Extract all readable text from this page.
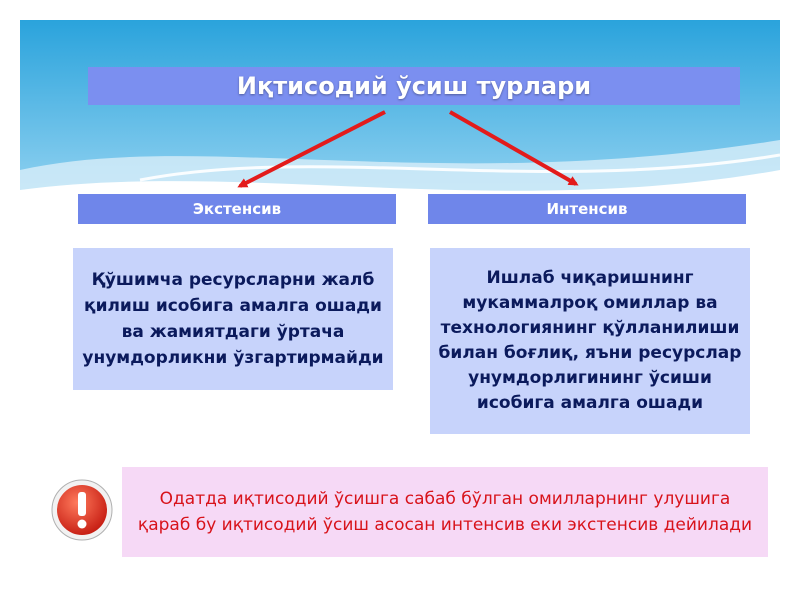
Иқтисодий ўсиш турлари
Экстенсив	Интенсив
Қўшимча ресурсларни жалб қилиш исобига амалга ошади ва жамиятдаги ўртача унумдорликни ўзгартирмайди
Ишлаб чиқаришнинг мукаммалроқ омиллар ва технологиянинг қўлланилиши билан боғлиқ, яъни ресурслар унумдорлигининг ўсиши исобига амалга ошади
Одатда иқтисодий ўсишга сабаб бўлган омилларнинг улушига қараб бу иқтисодий ўсиш асосан интенсив еки экстенсив дейилади
